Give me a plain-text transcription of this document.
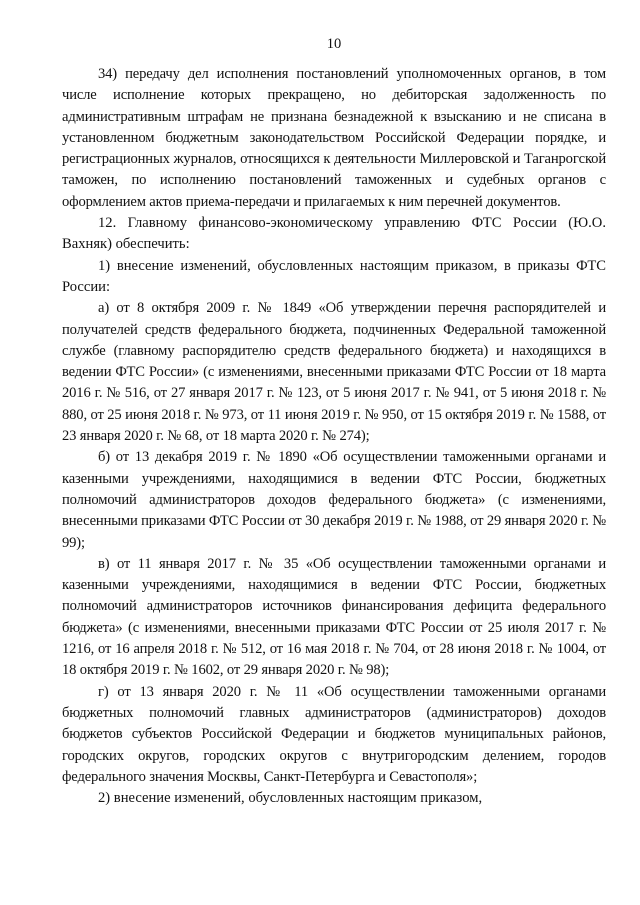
10

34) передачу дел исполнения постановлений уполномоченных органов, в том числе исполнение которых прекращено, но дебиторская задолженность по административным штрафам не признана безнадежной к взысканию и не списана в установленном бюджетным законодательством Российской Федерации порядке, и регистрационных журналов, относящихся к деятельности Миллеровской и Таганрогской таможен, по исполнению постановлений таможенных и судебных органов с оформлением актов приема-передачи и прилагаемых к ним перечней документов.

12. Главному финансово-экономическому управлению ФТС России (Ю.О. Вахняк) обеспечить:

1) внесение изменений, обусловленных настоящим приказом, в приказы ФТС России:

а) от 8 октября 2009 г. № 1849 «Об утверждении перечня распорядителей и получателей средств федерального бюджета, подчиненных Федеральной таможенной службе (главному распорядителю средств федерального бюджета) и находящихся в ведении ФТС России» (с изменениями, внесенными приказами ФТС России от 18 марта 2016 г. № 516, от 27 января 2017 г. № 123, от 5 июня 2017 г. № 941, от 5 июня 2018 г. № 880, от 25 июня 2018 г. № 973, от 11 июня 2019 г. № 950, от 15 октября 2019 г. № 1588, от 23 января 2020 г. № 68, от 18 марта 2020 г. № 274);

б) от 13 декабря 2019 г. № 1890 «Об осуществлении таможенными органами и казенными учреждениями, находящимися в ведении ФТС России, бюджетных полномочий администраторов доходов федерального бюджета» (с изменениями, внесенными приказами ФТС России от 30 декабря 2019 г. № 1988, от 29 января 2020 г. № 99);

в) от 11 января 2017 г. № 35 «Об осуществлении таможенными органами и казенными учреждениями, находящимися в ведении ФТС России, бюджетных полномочий администраторов источников финансирования дефицита федерального бюджета» (с изменениями, внесенными приказами ФТС России от 25 июля 2017 г. № 1216, от 16 апреля 2018 г. № 512, от 16 мая 2018 г. № 704, от 28 июня 2018 г. № 1004, от 18 октября 2019 г. № 1602, от 29 января 2020 г. № 98);

г) от 13 января 2020 г. № 11 «Об осуществлении таможенными органами бюджетных полномочий главных администраторов (администраторов) доходов бюджетов субъектов Российской Федерации и бюджетов муниципальных районов, городских округов, городских округов с внутригородским делением, городов федерального значения Москвы, Санкт-Петербурга и Севастополя»;

2) внесение изменений, обусловленных настоящим приказом,
